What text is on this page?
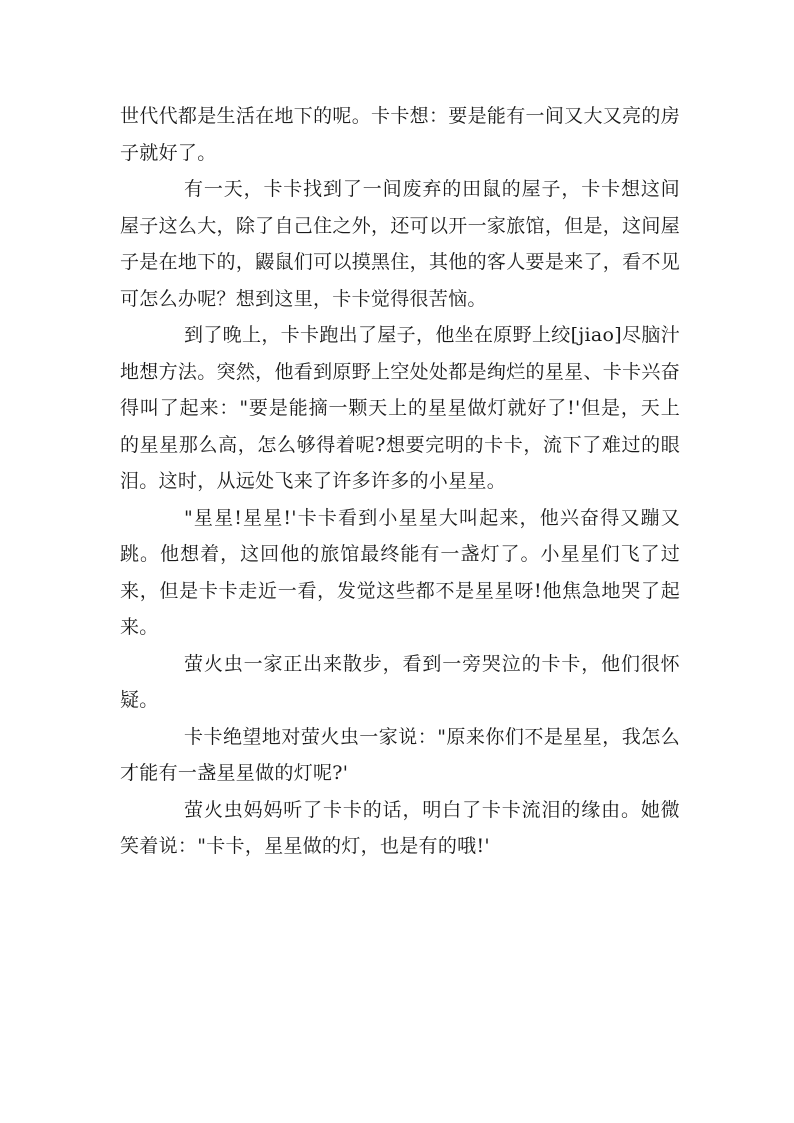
世代代都是生活在地下的呢。卡卡想：要是能有一间又大又亮的房子就好了。

有一天，卡卡找到了一间废弃的田鼠的屋子，卡卡想这间屋子这么大，除了自己住之外，还可以开一家旅馆，但是，这间屋子是在地下的，鼹鼠们可以摸黑住，其他的客人要是来了，看不见可怎么办呢？想到这里，卡卡觉得很苦恼。

到了晚上，卡卡跑出了屋子，他坐在原野上绞[jiao]尽脑汁地想方法。突然，他看到原野上空处处都是绚烂的星星、卡卡兴奋得叫了起来："要是能摘一颗天上的星星做灯就好了!'但是，天上的星星那么高，怎么够得着呢?想要完明的卡卡，流下了难过的眼泪。这时，从远处飞来了许多许多的小星星。

"星星!星星!'卡卡看到小星星大叫起来，他兴奋得又蹦又跳。他想着，这回他的旅馆最终能有一盏灯了。小星星们飞了过来，但是卡卡走近一看，发觉这些都不是星星呀!他焦急地哭了起来。

萤火虫一家正出来散步，看到一旁哭泣的卡卡，他们很怀疑。

卡卡绝望地对萤火虫一家说："原来你们不是星星，我怎么才能有一盏星星做的灯呢?'

萤火虫妈妈听了卡卡的话，明白了卡卡流泪的缘由。她微笑着说："卡卡，星星做的灯，也是有的哦!'
